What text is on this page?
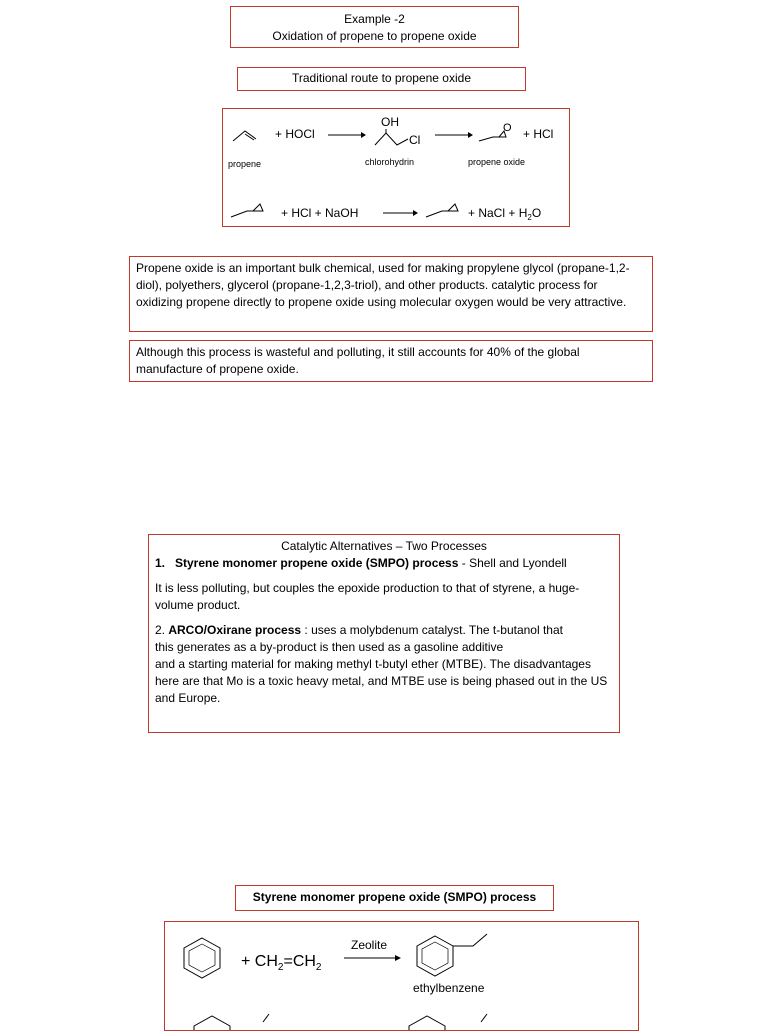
Example -2
Oxidation of propene to propene oxide
Traditional route to propene oxide
+ HOCl
OH
Cl
O + HCl
propene	chlorohydrin	propene oxide
+ HCl + NaOH	+ NaCl + $H_2O$

Propene oxide is an important bulk chemical, used for making propylene glycol (propane-1,2-diol), polyethers, glycerol (propane-1,2,3-triol), and other products. catalytic process for oxidizing propene directly to propene oxide using molecular oxygen would be very attractive.

Although this process is wasteful and polluting, it still accounts for 40% of the global manufacture of propene oxide.

Catalytic Alternatives – Two Processes
1. Styrene monomer propene oxide (SMPO) process - Shell and Lyondell

It is less polluting, but couples the epoxide production to that of styrene, a huge-volume product.

2. ARCO/Oxirane process : uses a molybdenum catalyst. The t-butanol that
this generates as a by-product is then used as a gasoline additive

and a starting material for making methyl t-butyl ether (MTBE). The disadvantages here are that Mo is a toxic heavy metal, and MTBE use is being phased out in the US and Europe.

Styrene monomer propene oxide (SMPO) process
+ $CH_2=CH_2$
Zeolite
ethylbenzene
